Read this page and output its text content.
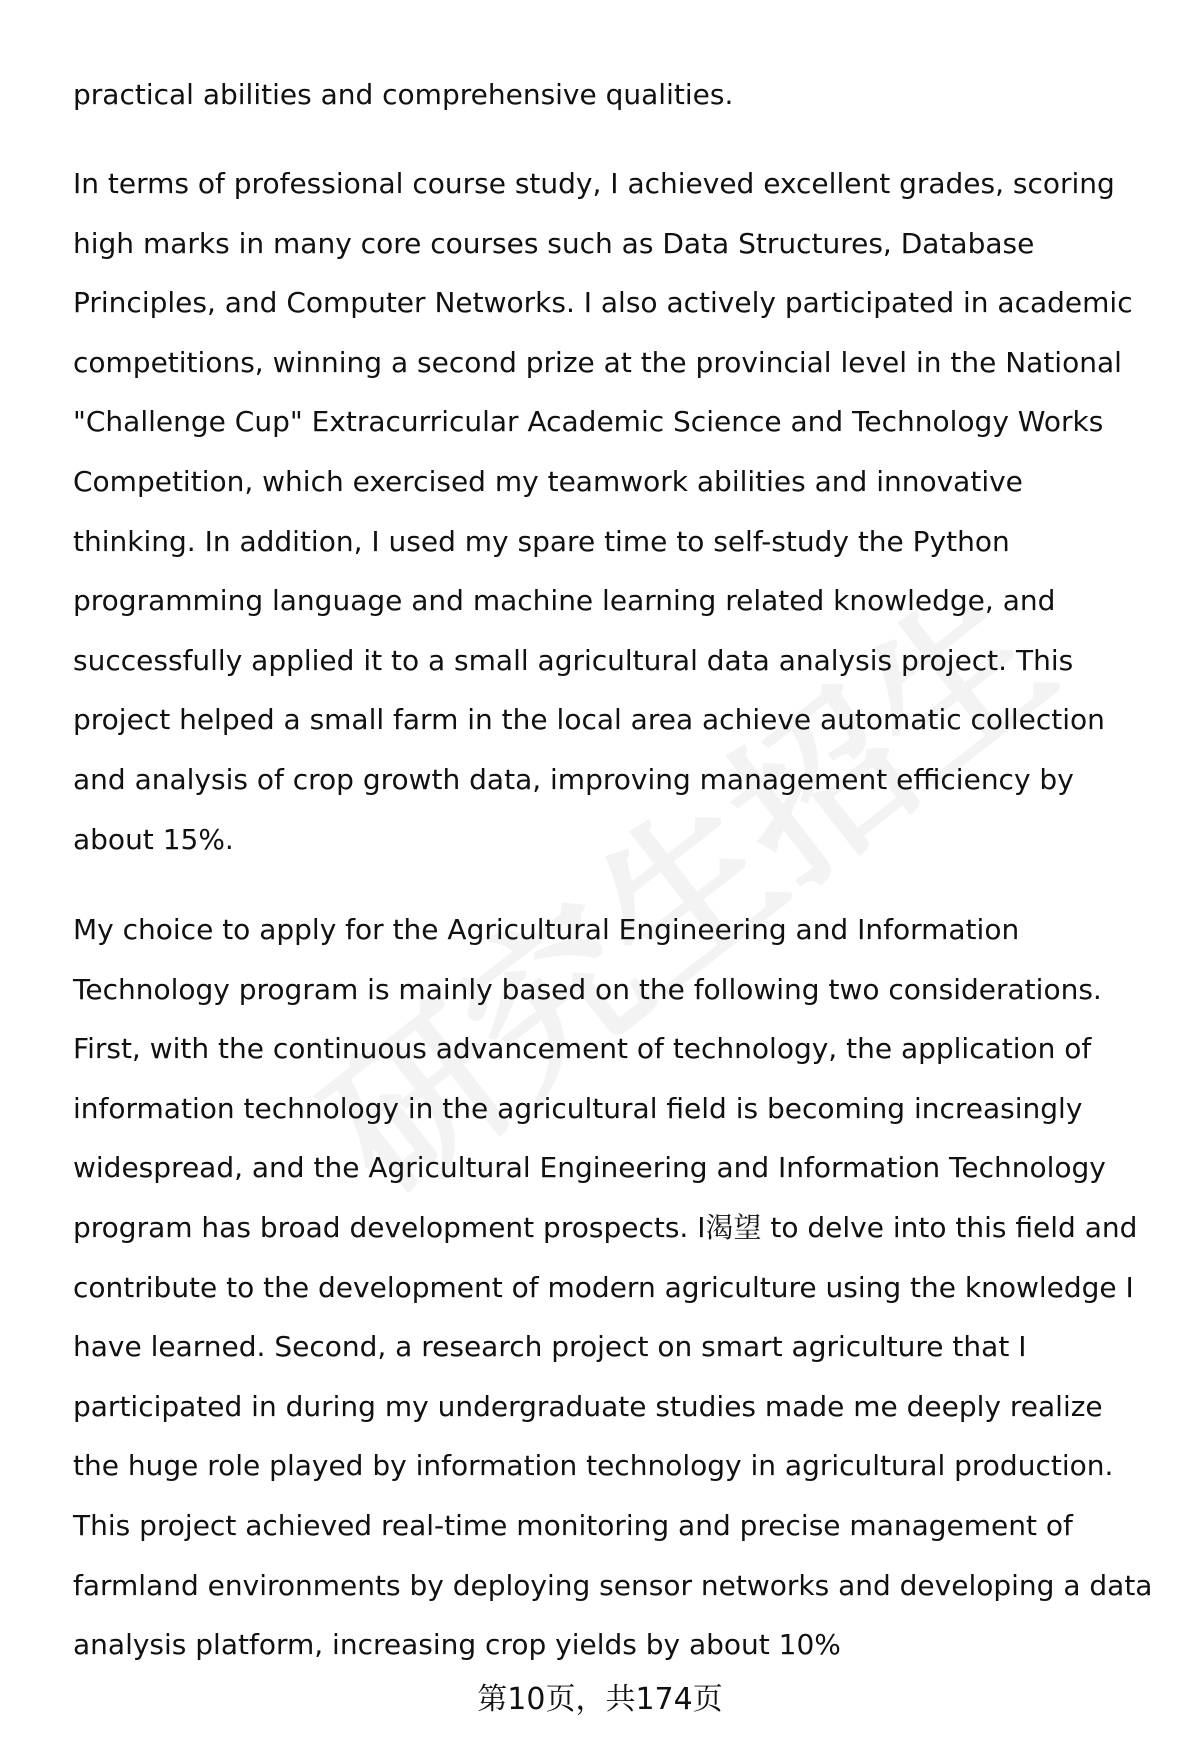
practical abilities and comprehensive qualities.

In terms of professional course study, I achieved excellent grades, scoring high marks in many core courses such as Data Structures, Database Principles, and Computer Networks. I also actively participated in academic competitions, winning a second prize at the provincial level in the National "Challenge Cup" Extracurricular Academic Science and Technology Works Competition, which exercised my teamwork abilities and innovative thinking. In addition, I used my spare time to self-study the Python programming language and machine learning related knowledge, and successfully applied it to a small agricultural data analysis project. This project helped a small farm in the local area achieve automatic collection and analysis of crop growth data, improving management efficiency by about 15%.

My choice to apply for the Agricultural Engineering and Information Technology program is mainly based on the following two considerations. First, with the continuous advancement of technology, the application of information technology in the agricultural field is becoming increasingly widespread, and the Agricultural Engineering and Information Technology program has broad development prospects. I渴望 to delve into this field and contribute to the development of modern agriculture using the knowledge I have learned. Second, a research project on smart agriculture that I participated in during my undergraduate studies made me deeply realize the huge role played by information technology in agricultural production. This project achieved real-time monitoring and precise management of farmland environments by deploying sensor networks and developing a data analysis platform, increasing crop yields by about 10%

第10页，共174页
